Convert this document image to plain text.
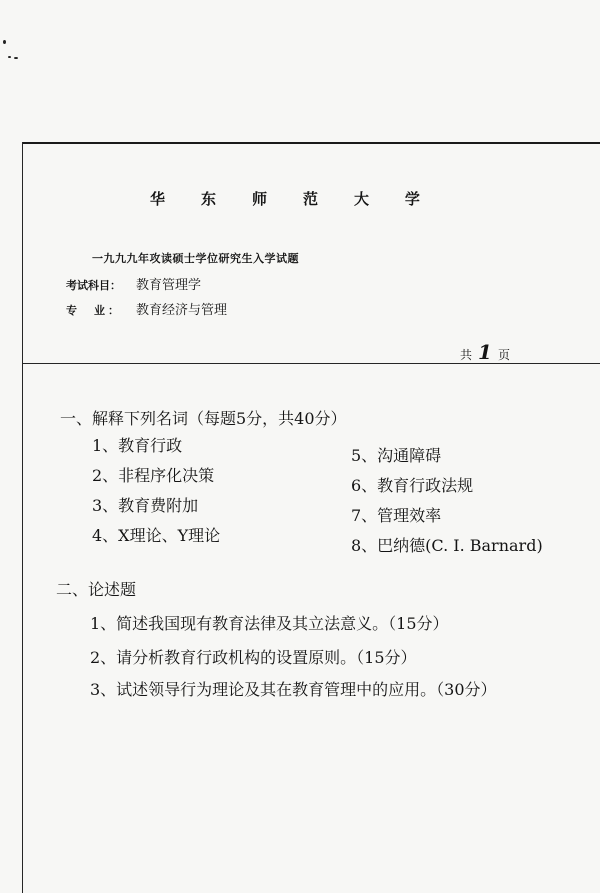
华 东 师 范 大 学
一九九九年攻读硕士学位研究生入学试题
考试科目： 教育管理学
专　业： 教育经济与管理
共 1 页
一、解释下列名词（每题5分，共40分）
1、教育行政
2、非程序化决策
3、教育费附加
4、X理论、Y理论
5、沟通障碍
6、教育行政法规
7、管理效率
8、巴纳德(C. I. Barnard)
二、论述题
1、简述我国现有教育法律及其立法意义。（15分）
2、请分析教育行政机构的设置原则。（15分）
3、试述领导行为理论及其在教育管理中的应用。（30分）
